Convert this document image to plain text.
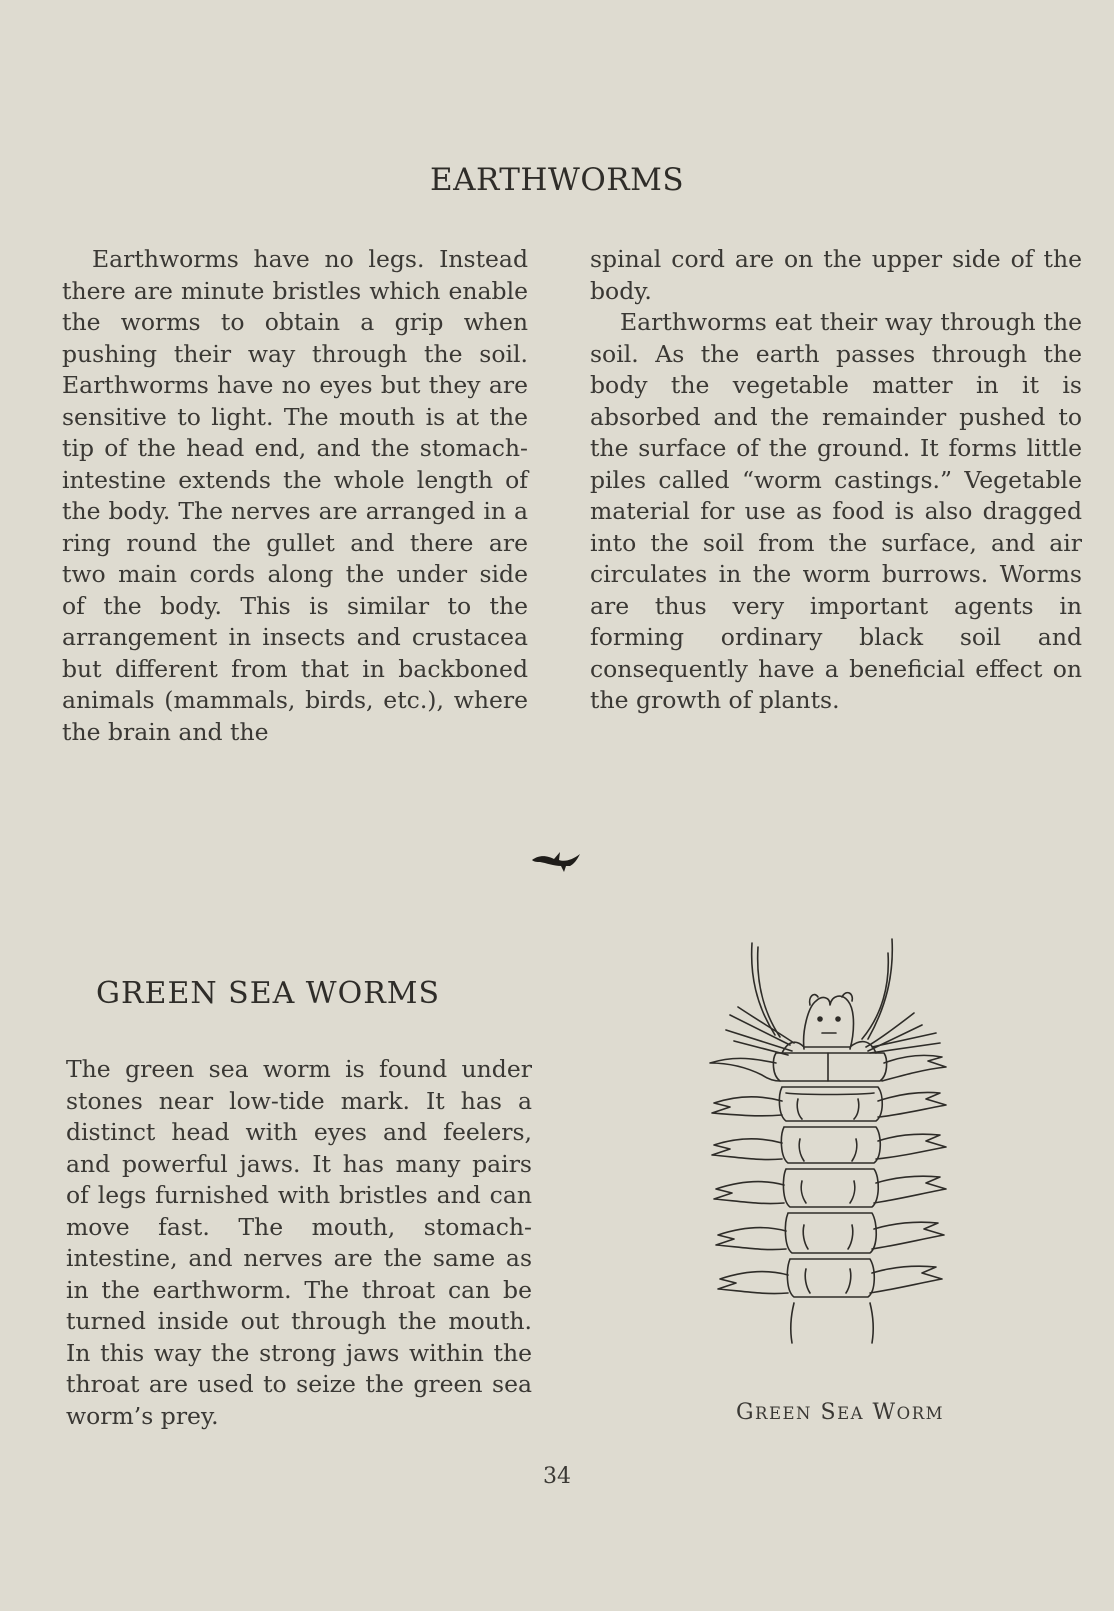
EARTHWORMS

Earthworms have no legs. Instead there are minute bristles which enable the worms to obtain a grip when pushing their way through the soil. Earthworms have no eyes but they are sensitive to light. The mouth is at the tip of the head end, and the stomach-intestine extends the whole length of the body. The nerves are arranged in a ring round the gullet and there are two main cords along the under side of the body. This is similar to the arrangement in insects and crustacea but different from that in backboned animals (mammals, birds, etc.), where the brain and the

spinal cord are on the upper side of the body.

Earthworms eat their way through the soil. As the earth passes through the body the vegetable matter in it is absorbed and the remainder pushed to the surface of the ground. It forms little piles called “worm castings.” Vegetable material for use as food is also dragged into the soil from the surface, and air circulates in the worm burrows. Worms are thus very important agents in forming ordinary black soil and consequently have a beneficial effect on the growth of plants.

GREEN SEA WORMS

The green sea worm is found under stones near low-tide mark. It has a distinct head with eyes and feelers, and powerful jaws. It has many pairs of legs furnished with bristles and can move fast. The mouth, stomach-intestine, and nerves are the same as in the earthworm. The throat can be turned inside out through the mouth. In this way the strong jaws within the throat are used to seize the green sea worm’s prey.	GREEN SEA WORM
34
